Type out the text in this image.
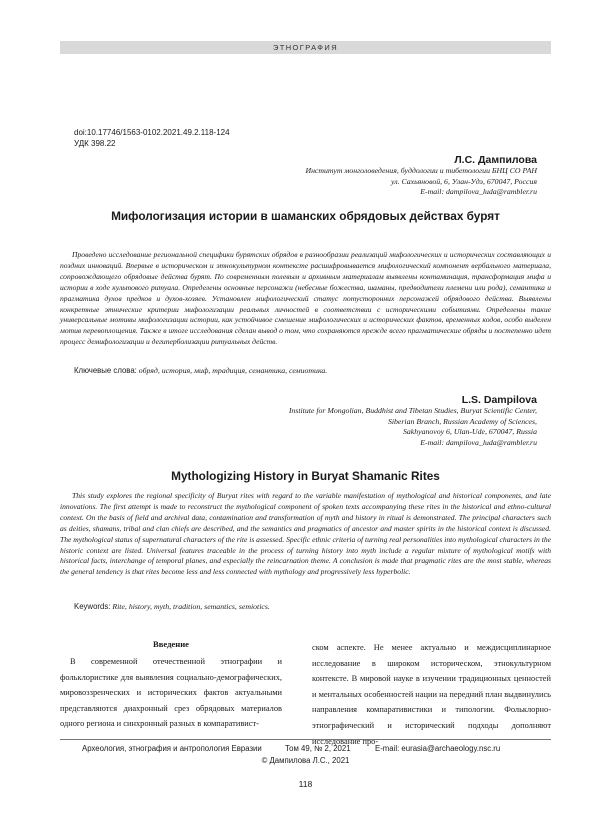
ЭТНОГРАФИЯ
doi:10.17746/1563-0102.2021.49.2.118-124
УДК 398.22
Л.С. Дампилова
Институт монголоведения, буддологии и тибетологии БНЦ СО РАН
ул. Сахьяновой, 6, Улан-Удэ, 670047, Россия
E-mail: dampilova_luda@rambler.ru
Мифологизация истории в шаманских обрядовых действах бурят
Проведено исследование региональной специфики бурятских обрядов в разнообразии реализаций мифологических и исторических составляющих и поздних инноваций. Впервые в историческом и этнокультурном контексте расшифровывается мифологический компонент вербального материала, сопровождающего обрядовые действа бурят. По современным полевым и архивным материалам выявлены контаминация, трансформация мифа и истории в ходе культового ритуала. Определены основные персонажи (небесные божества, шаманы, предводители племени или рода), семантика и прагматика духов предков и духов-хозяев. Установлен мифологический статус потусторонних персонажей обрядового действа. Выявлены конкретные этнические критерии мифологизации реальных личностей в соответствии с историческими событиями. Определены такие универсальные мотивы мифологизации истории, как устойчивое смешение мифологических и исторических фактов, временных кодов, особо выделен мотив перевоплощения. Также в итоге исследования сделан вывод о том, что сохраняются прежде всего прагматические обряды и постепенно идет процесс демифологизации и дегиперболизации ритуальных действ.
Ключевые слова: обряд, история, миф, традиция, семантика, семиотика.
L.S. Dampilova
Institute for Mongolian, Buddhist and Tibetan Studies, Buryat Scientific Center,
Siberian Branch, Russian Academy of Sciences,
Sakhyanovoy 6, Ulan-Ude, 670047, Russia
E-mail: dampilova_luda@rambler.ru
Mythologizing History in Buryat Shamanic Rites
This study explores the regional specificity of Buryat rites with regard to the variable manifestation of mythological and historical components, and late innovations. The first attempt is made to reconstruct the mythological component of spoken texts accompanying these rites in the historical and ethno-cultural context. On the basis of field and archival data, contamination and transformation of myth and history in ritual is demonstrated. The principal characters such as deities, shamans, tribal and clan chiefs are described, and the semantics and pragmatics of ancestor and master spirits in the historical context is discussed. The mythological status of supernatural characters of the rite is assessed. Specific ethnic criteria of turning real personalities into mythological characters in the historic context are listed. Universal features traceable in the process of turning history into myth include a regular mixture of mythological motifs with historical facts, interchange of temporal planes, and especially the reincarnation theme. A conclusion is made that pragmatic rites are the most stable, whereas the general tendency is that rites become less and less connected with mythology and progressively less hyperbolic.
Keywords: Rite, history, myth, tradition, semantics, semiotics.
Введение
В современной отечественной этнографии и фольклористике для выявления социально-демографических, мировоззренческих и исторических фактов актуальными представляются диахронный срез обрядовых материалов одного региона и синхронный разных в компаративист-
ском аспекте. Не менее актуально и междисциплинарное исследование в широком историческом, этнокультурном контексте. В мировой науке в изучении традиционных ценностей и ментальных особенностей нации на передний план выдвинулись направления компаративистики и типологии. Фольклорно-этнографический и исторический подходы дополняют исследование про-
Археология, этнография и антропология Евразии	Том 49, № 2, 2021	E-mail: eurasia@archaeology.nsc.ru
© Дампилова Л.С., 2021
118
